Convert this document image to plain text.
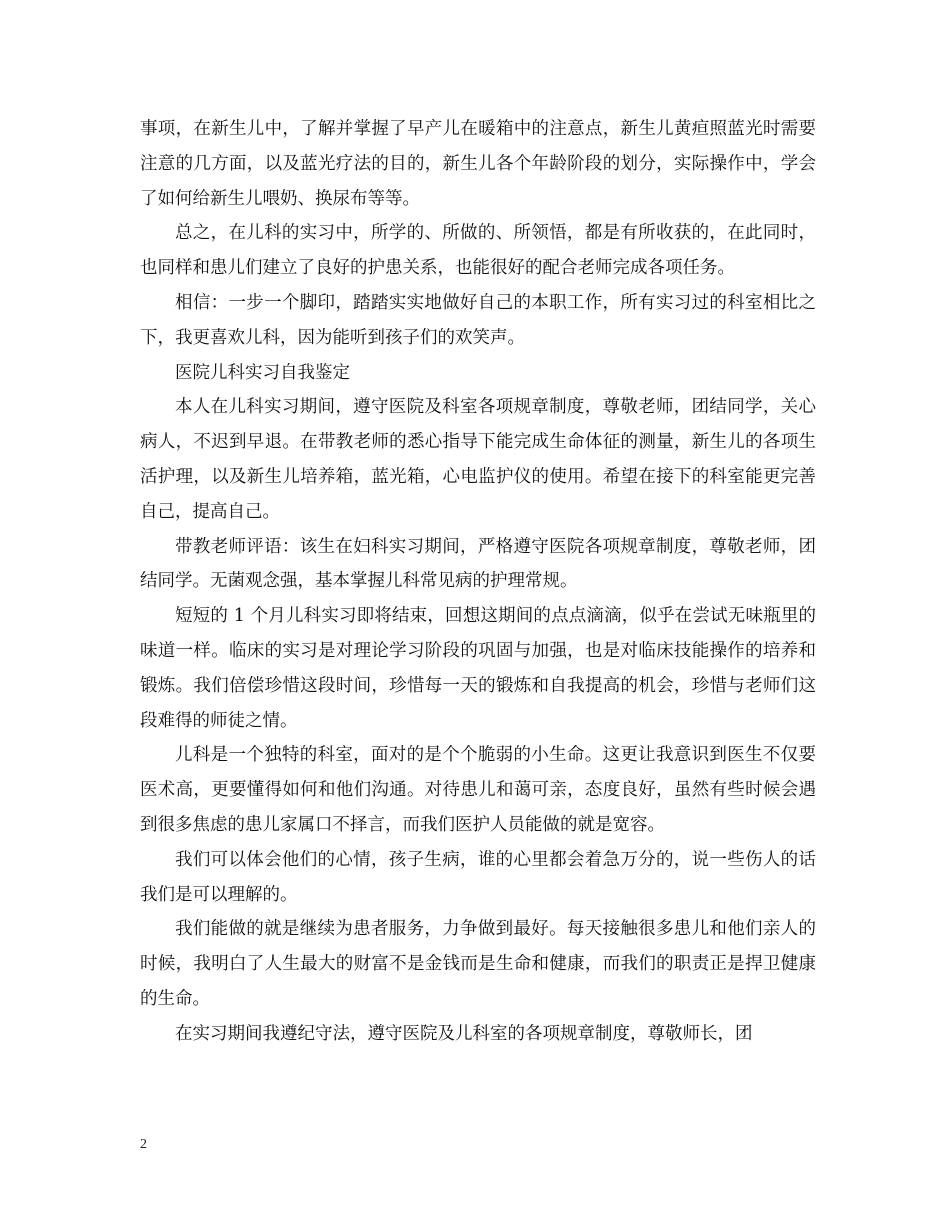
事项，在新生儿中，了解并掌握了早产儿在暖箱中的注意点，新生儿黄疸照蓝光时需要注意的几方面，以及蓝光疗法的目的，新生儿各个年龄阶段的划分，实际操作中，学会了如何给新生儿喂奶、换尿布等等。

总之，在儿科的实习中，所学的、所做的、所领悟，都是有所收获的，在此同时，也同样和患儿们建立了良好的护患关系，也能很好的配合老师完成各项任务。

相信：一步一个脚印，踏踏实实地做好自己的本职工作，所有实习过的科室相比之下，我更喜欢儿科，因为能听到孩子们的欢笑声。

医院儿科实习自我鉴定

本人在儿科实习期间，遵守医院及科室各项规章制度，尊敬老师，团结同学，关心病人，不迟到早退。在带教老师的悉心指导下能完成生命体征的测量，新生儿的各项生活护理，以及新生儿培养箱，蓝光箱，心电监护仪的使用。希望在接下的科室能更完善自己，提高自己。

带教老师评语：该生在妇科实习期间，严格遵守医院各项规章制度，尊敬老师，团结同学。无菌观念强，基本掌握儿科常见病的护理常规。

短短的 1 个月儿科实习即将结束，回想这期间的点点滴滴，似乎在尝试无味瓶里的味道一样。临床的实习是对理论学习阶段的巩固与加强，也是对临床技能操作的培养和锻炼。我们倍偿珍惜这段时间，珍惜每一天的锻炼和自我提高的机会，珍惜与老师们这段难得的师徒之情。

儿科是一个独特的科室，面对的是个个脆弱的小生命。这更让我意识到医生不仅要医术高，更要懂得如何和他们沟通。对待患儿和蔼可亲，态度良好，虽然有些时候会遇到很多焦虑的患儿家属口不择言，而我们医护人员能做的就是宽容。

我们可以体会他们的心情，孩子生病，谁的心里都会着急万分的，说一些伤人的话我们是可以理解的。

我们能做的就是继续为患者服务，力争做到最好。每天接触很多患儿和他们亲人的时候，我明白了人生最大的财富不是金钱而是生命和健康，而我们的职责正是捍卫健康的生命。

在实习期间我遵纪守法，遵守医院及儿科室的各项规章制度，尊敬师长，团

2
